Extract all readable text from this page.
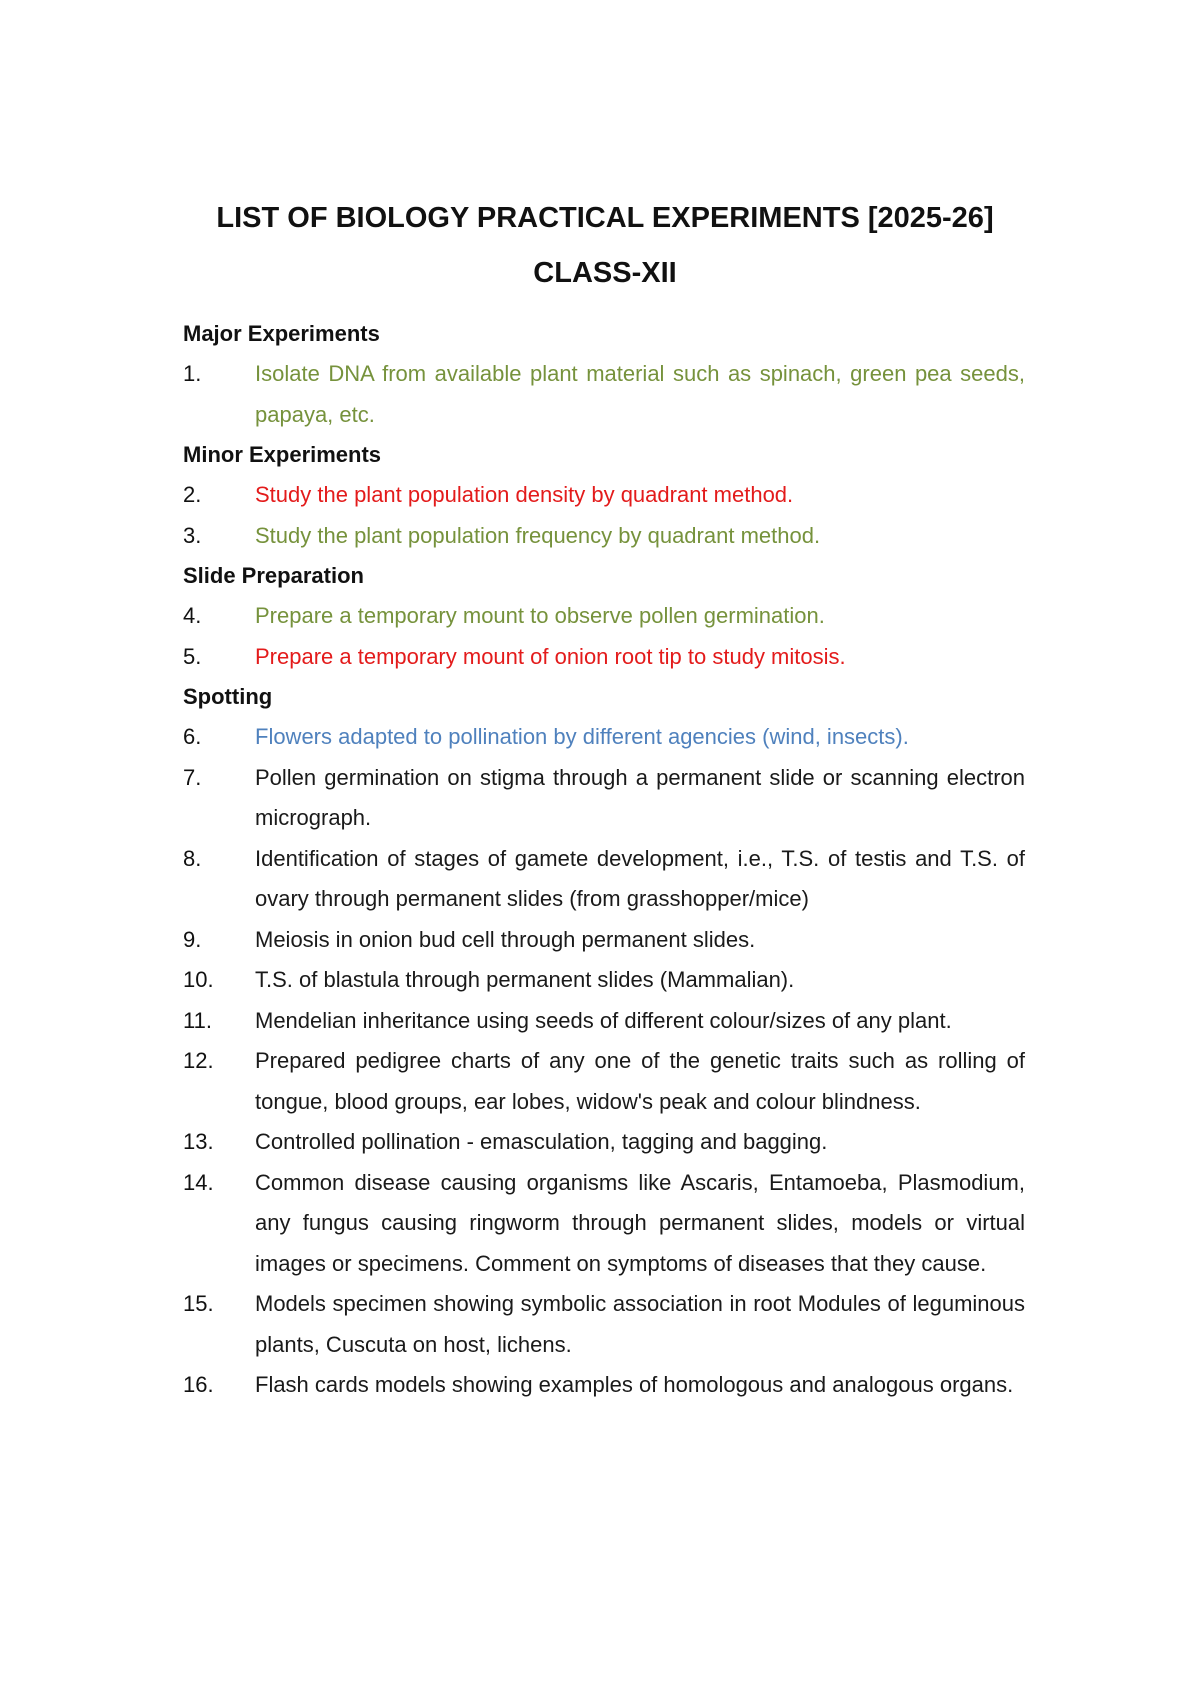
LIST OF BIOLOGY PRACTICAL EXPERIMENTS [2025-26]
CLASS-XII
Major Experiments
1.	Isolate DNA from available plant material such as spinach, green pea seeds, papaya, etc.
Minor Experiments
2.	Study the plant population density by quadrant method.
3.	Study the plant population frequency by quadrant method.
Slide Preparation
4.	Prepare a temporary mount to observe pollen germination.
5.	Prepare a temporary mount of onion root tip to study mitosis.
Spotting
6.	Flowers adapted to pollination by different agencies (wind, insects).
7.	Pollen germination on stigma through a permanent slide or scanning electron micrograph.
8.	Identification of stages of gamete development, i.e., T.S. of testis and T.S. of ovary through permanent slides (from grasshopper/mice)
9.	Meiosis in onion bud cell through permanent slides.
10.	T.S. of blastula through permanent slides (Mammalian).
11.	Mendelian inheritance using seeds of different colour/sizes of any plant.
12.	Prepared pedigree charts of any one of the genetic traits such as rolling of tongue, blood groups, ear lobes, widow's peak and colour blindness.
13.	Controlled pollination - emasculation, tagging and bagging.
14.	Common disease causing organisms like Ascaris, Entamoeba, Plasmodium, any fungus causing ringworm through permanent slides, models or virtual images or specimens. Comment on symptoms of diseases that they cause.
15.	Models specimen showing symbolic association in root Modules of leguminous plants, Cuscuta on host, lichens.
16.	Flash cards models showing examples of homologous and analogous organs.
